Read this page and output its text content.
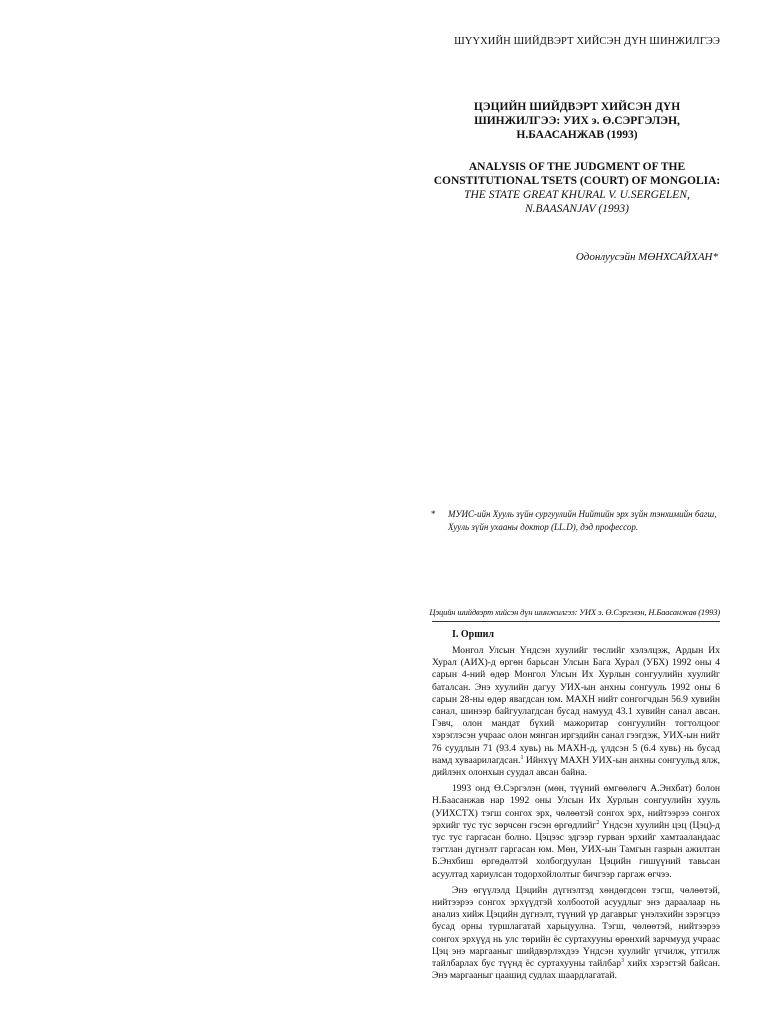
ШҮҮХИЙН ШИЙДВЭРТ ХИЙСЭН ДҮН ШИНЖИЛГЭЭ
ЦЭЦИЙН ШИЙДВЭРТ ХИЙСЭН ДҮН
ШИНЖИЛГЭЭ: УИХ э. Ө.СЭРГЭЛЭН,
Н.БААСАНЖАВ (1993)
ANALYSIS OF THE JUDGMENT OF THE
CONSTITUTIONAL TSETS (COURT) OF MONGOLIA:
THE STATE GREAT KHURAL V. U.SERGELEN,
N.BAASANJAV (1993)
Одонлуусэйн МӨНХСАЙХАН*
*	МУИС-ийн Хууль зүйн сургуулийн Нийтийн эрх зүйн тэнхимийн багш, Хууль зүйн ухааны доктор (LL.D), дэд профессор.
Цэцийн шийдвэрт хийсэн дүн шинжилгээ: УИХ э. Ө.Сэргэлэн, Н.Баасанжав (1993)
I. Оршил

Монгол Улсын Үндсэн хуулийг төслийг хэлэлцэж, Ардын Их Хурал (АИХ)-д өргөн барьсан Улсын Бага Хурал (УБХ) 1992 оны 4 сарын 4-ний өдөр Монгол Улсын Их Хурлын сонгуулийн хуулийг баталсан. Энэ хуулийн дагуу УИХ-ын анхны сонгууль 1992 оны 6 сарын 28-ны өдөр явагдсан юм. МАХН нийт сонгогчдын 56.9 хувийн санал, шинээр байгуулагдсан бусад намууд 43.1 хувийн санал авсан. Гэвч, олон мандат бүхий мажоритар сонгуулийн тогтолцоог хэрэглэсэн учраас олон мянган иргэдийн санал гээгдэж, УИХ-ын нийт 76 суудлын 71 (93.4 хувь) нь МАХН-д, үлдсэн 5 (6.4 хувь) нь бусад намд хуваарилагдсан.$^1$ Ийнхүү МАХН УИХ-ын анхны сонгуульд ялж, дийлэнх олонхын суудал авсан байна.

1993 онд Ө.Сэргэлэн (мөн, түүний өмгөөлөгч А.Энхбат) болон Н.Баасанжав нар 1992 оны Улсын Их Хурлын сонгуулийн хууль (УИХСТХ) тэгш сонгох эрх, чөлөөтэй сонгох эрх, нийтээрээ сонгох эрхийг тус тус зөрчсөн гэсэн өргөдлийг$^2$ Үндсэн хуулийн цэц (Цэц)-д тус тус гаргасан болно. Цэцээс эдгээр гурван эрхийг хамтааландаас тэгтлан дүгнэлт гаргасан юм. Мөн, УИХ-ын Тамгын газрын ажилтан Б.Энхбиш өргөдөлтэй холбогдуулан Цэцийн гишүүний тавьсан асуултад хариулсан тодорхойлолтыг бичгээр гаргаж өгчээ.

Энэ өгүүлэлд Цэцийн дүгнэлтэд хөндөгдсөн тэгш, чөлөөтэй, нийтээрээ сонгох эрхүүдтэй холбоотой асуудлыг энэ дараалаар нь анализ хийж Цэцийн дүгнэлт, түүний үр дагаврыг үнэлэхийн зэрэгцээ бусад орны туршлагатай харьцуулна. Тэгш, чөлөөтэй, нийтээрээ сонгох эрхүүд нь улс төрийн ёс суртахууны өрөнхий зарчмууд учраас Цэц энэ маргааныг шийдвэрлэхдээ Үндсэн хуулийг үгчилж, утгилж тайлбарлах бус түүнд ёс суртахууны тайлбар$^3$ хийх хэрэгтэй байсан. Энэ маргааныг цаашид судлах шаардлагатай.
